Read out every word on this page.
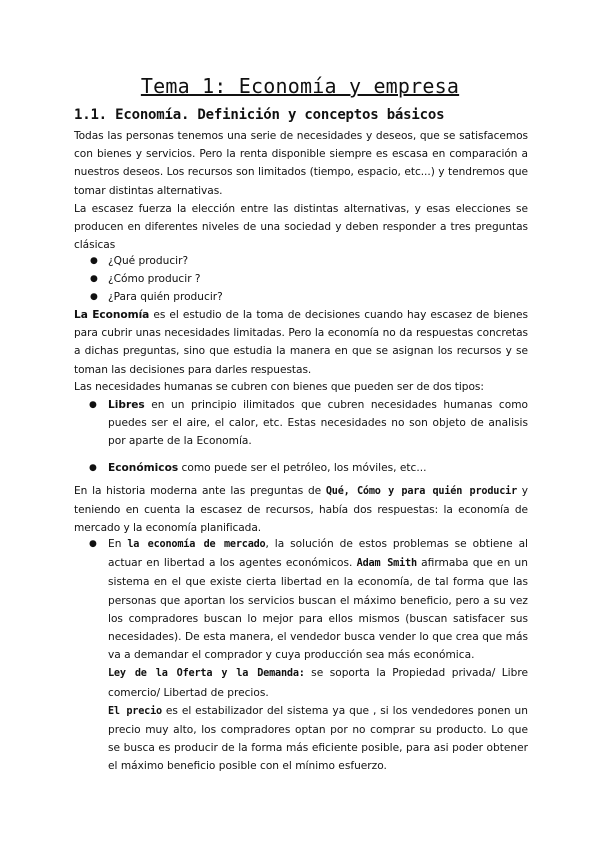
Tema 1: Economía y empresa
1.1. Economía. Definición y conceptos básicos

Todas las personas tenemos una serie de necesidades y deseos, que se satisfacemos con bienes y servicios. Pero la renta disponible siempre es escasa en comparación a nuestros deseos. Los recursos son limitados (tiempo, espacio, etc...) y tendremos que tomar distintas alternativas.

La escasez fuerza la elección entre las distintas alternativas, y esas elecciones se producen en diferentes niveles de una sociedad y deben responder a tres preguntas clásicas

● ¿Qué producir?
● ¿Cómo producir ?
● ¿Para quién producir?

La Economía es el estudio de la toma de decisiones cuando hay escasez de bienes para cubrir unas necesidades limitadas. Pero la economía no da respuestas concretas a dichas preguntas, sino que estudia la manera en que se asignan los recursos y se toman las decisiones para darles respuestas.

Las necesidades humanas se cubren con bienes que pueden ser de dos tipos:

● Libres en un principio ilimitados que cubren necesidades humanas como puedes ser el aire, el calor, etc. Estas necesidades no son objeto de analisis por aparte de la Economía.
● Económicos como puede ser el petróleo, los móviles, etc...

En la historia moderna ante las preguntas de Qué, Cómo y para quién producir y teniendo en cuenta la escasez de recursos, había dos respuestas: la economía de mercado y la economía planificada.

● En la economía de mercado, la solución de estos problemas se obtiene al actuar en libertad a los agentes económicos. Adam Smith afirmaba que en un sistema en el que existe cierta libertad en la economía, de tal forma que las personas que aportan los servicios buscan el máximo beneficio, pero a su vez los compradores buscan lo mejor para ellos mismos (buscan satisfacer sus necesidades). De esta manera, el vendedor busca vender lo que crea que más va a demandar el comprador y cuya producción sea más económica.
Ley de la Oferta y la Demanda: se soporta la Propiedad privada/ Libre comercio/ Libertad de precios.
El precio es el estabilizador del sistema ya que , si los vendedores ponen un precio muy alto, los compradores optan por no comprar su producto. Lo que se busca es producir de la forma más eficiente posible, para asi poder obtener el máximo beneficio posible con el mínimo esfuerzo.
